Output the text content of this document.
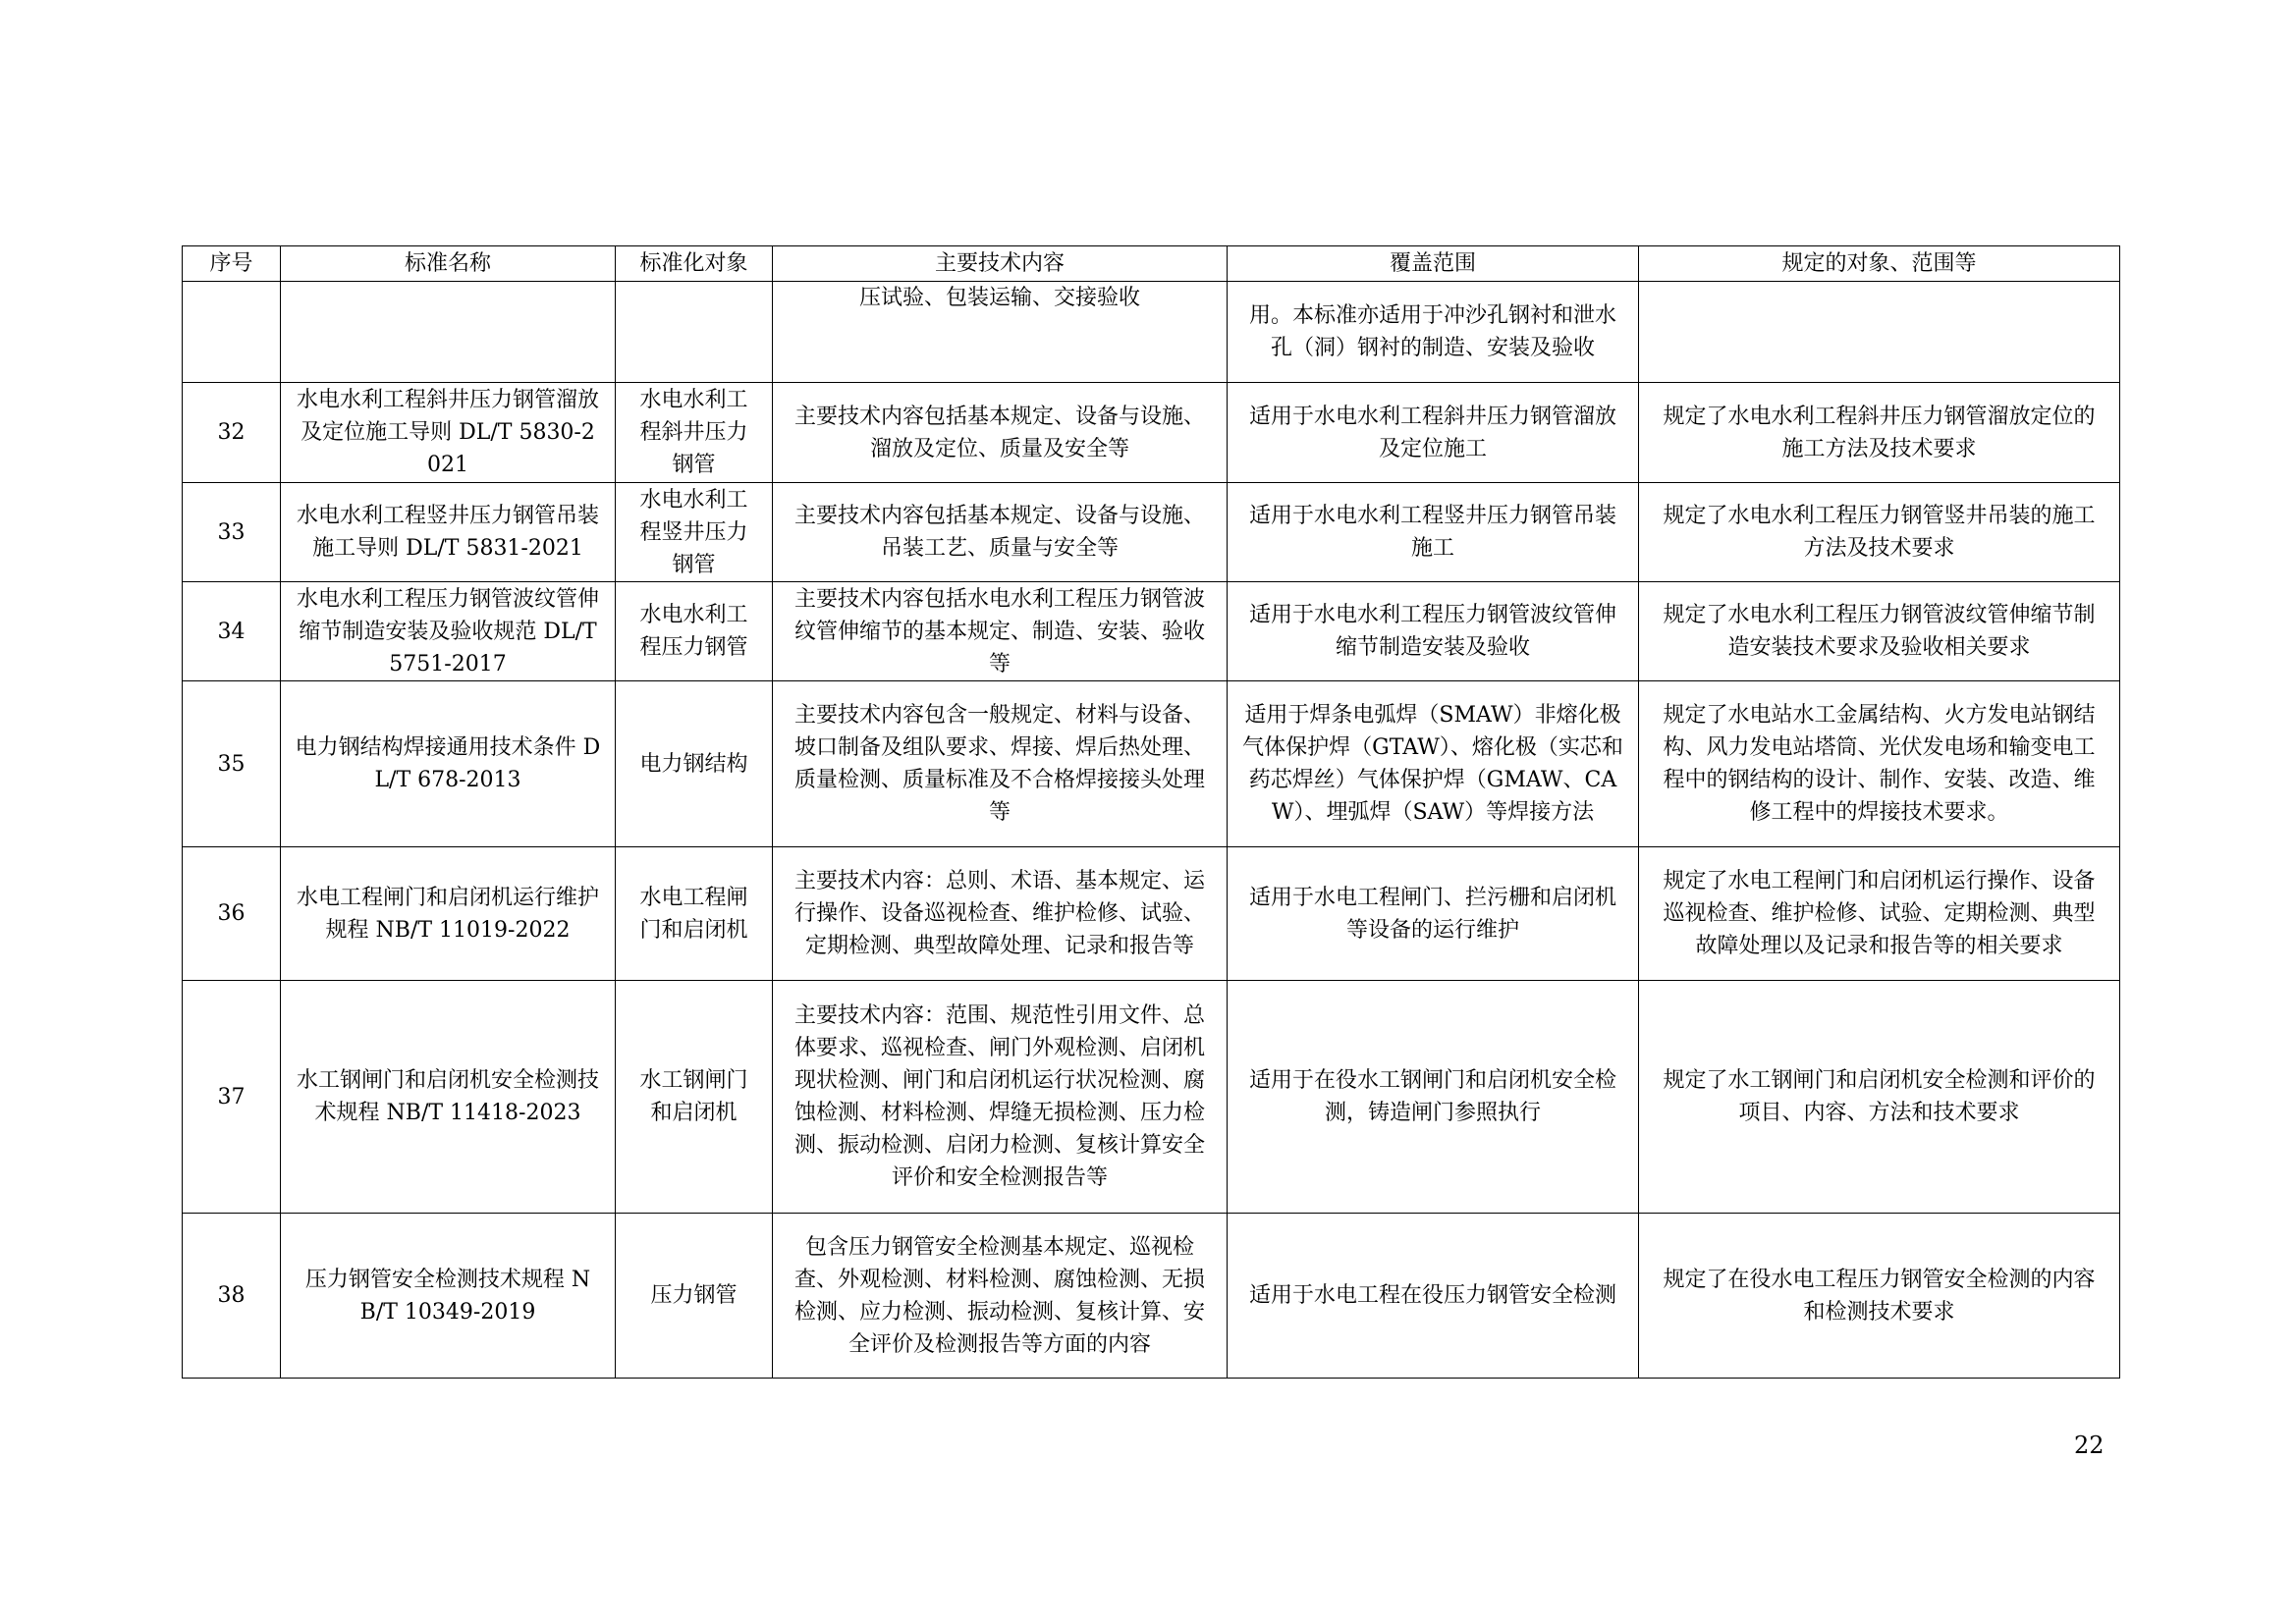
序号	标准名称	标准化对象	主要技术内容	覆盖范围	规定的对象、范围等
			压试验、包装运输、交接验收	用。本标准亦适用于冲沙孔钢衬和泄水孔（洞）钢衬的制造、安装及验收	
32	水电水利工程斜井压力钢管溜放及定位施工导则 DL/T 5830-2021	水电水利工程斜井压力钢管	主要技术内容包括基本规定、设备与设施、溜放及定位、质量及安全等	适用于水电水利工程斜井压力钢管溜放及定位施工	规定了水电水利工程斜井压力钢管溜放定位的施工方法及技术要求
33	水电水利工程竖井压力钢管吊装施工导则 DL/T 5831-2021	水电水利工程竖井压力钢管	主要技术内容包括基本规定、设备与设施、吊装工艺、质量与安全等	适用于水电水利工程竖井压力钢管吊装施工	规定了水电水利工程压力钢管竖井吊装的施工方法及技术要求
34	水电水利工程压力钢管波纹管伸缩节制造安装及验收规范 DL/T 5751-2017	水电水利工程压力钢管	主要技术内容包括水电水利工程压力钢管波纹管伸缩节的基本规定、制造、安装、验收等	适用于水电水利工程压力钢管波纹管伸缩节制造安装及验收	规定了水电水利工程压力钢管波纹管伸缩节制造安装技术要求及验收相关要求
35	电力钢结构焊接通用技术条件 DL/T 678-2013	电力钢结构	主要技术内容包含一般规定、材料与设备、坡口制备及组队要求、焊接、焊后热处理、质量检测、质量标准及不合格焊接接头处理等	适用于焊条电弧焊（SMAW）非熔化极气体保护焊（GTAW）、熔化极（实芯和药芯焊丝）气体保护焊（GMAW、CAW）、埋弧焊（SAW）等焊接方法	规定了水电站水工金属结构、火方发电站钢结构、风力发电站塔筒、光伏发电场和输变电工程中的钢结构的设计、制作、安装、改造、维修工程中的焊接技术要求。
36	水电工程闸门和启闭机运行维护规程 NB/T 11019-2022	水电工程闸门和启闭机	主要技术内容：总则、术语、基本规定、运行操作、设备巡视检查、维护检修、试验、定期检测、典型故障处理、记录和报告等	适用于水电工程闸门、拦污栅和启闭机等设备的运行维护	规定了水电工程闸门和启闭机运行操作、设备巡视检查、维护检修、试验、定期检测、典型故障处理以及记录和报告等的相关要求
37	水工钢闸门和启闭机安全检测技术规程 NB/T 11418-2023	水工钢闸门和启闭机	主要技术内容：范围、规范性引用文件、总体要求、巡视检查、闸门外观检测、启闭机现状检测、闸门和启闭机运行状况检测、腐蚀检测、材料检测、焊缝无损检测、压力检测、振动检测、启闭力检测、复核计算安全评价和安全检测报告等	适用于在役水工钢闸门和启闭机安全检测，铸造闸门参照执行	规定了水工钢闸门和启闭机安全检测和评价的项目、内容、方法和技术要求
38	压力钢管安全检测技术规程 NB/T 10349-2019	压力钢管	包含压力钢管安全检测基本规定、巡视检查、外观检测、材料检测、腐蚀检测、无损检测、应力检测、振动检测、复核计算、安全评价及检测报告等方面的内容	适用于水电工程在役压力钢管安全检测	规定了在役水电工程压力钢管安全检测的内容和检测技术要求
22
